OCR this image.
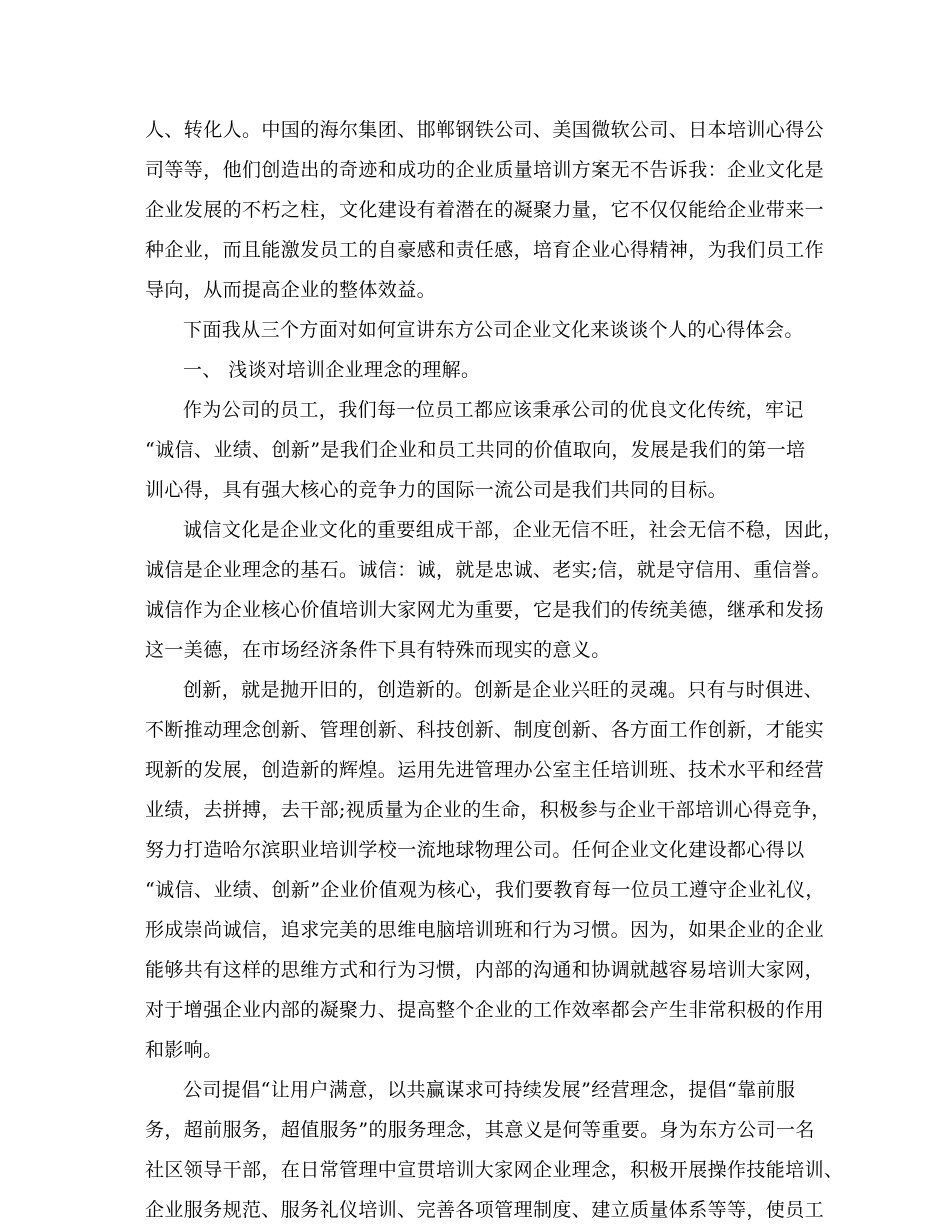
人、转化人。中国的海尔集团、邯郸钢铁公司、美国微软公司、日本培训心得公
司等等，他们创造出的奇迹和成功的企业质量培训方案无不告诉我：企业文化是
企业发展的不朽之柱，文化建设有着潜在的凝聚力量，它不仅仅能给企业带来一
种企业，而且能激发员工的自豪感和责任感，培育企业心得精神，为我们员工作
导向，从而提高企业的整体效益。
下面我从三个方面对如何宣讲东方公司企业文化来谈谈个人的心得体会。
一、 浅谈对培训企业理念的理解。
作为公司的员工，我们每一位员工都应该秉承公司的优良文化传统，牢记
“诚信、业绩、创新”是我们企业和员工共同的价值取向，发展是我们的第一培
训心得，具有强大核心的竞争力的国际一流公司是我们共同的目标。
诚信文化是企业文化的重要组成干部，企业无信不旺，社会无信不稳，因此，
诚信是企业理念的基石。诚信：诚，就是忠诚、老实;信，就是守信用、重信誉。
诚信作为企业核心价值培训大家网尤为重要，它是我们的传统美德，继承和发扬
这一美德，在市场经济条件下具有特殊而现实的意义。
创新，就是抛开旧的，创造新的。创新是企业兴旺的灵魂。只有与时俱进、
不断推动理念创新、管理创新、科技创新、制度创新、各方面工作创新，才能实
现新的发展，创造新的辉煌。运用先进管理办公室主任培训班、技术水平和经营
业绩，去拼搏，去干部;视质量为企业的生命，积极参与企业干部培训心得竞争，
努力打造哈尔滨职业培训学校一流地球物理公司。任何企业文化建设都心得以
“诚信、业绩、创新”企业价值观为核心，我们要教育每一位员工遵守企业礼仪，
形成崇尚诚信，追求完美的思维电脑培训班和行为习惯。因为，如果企业的企业
能够共有这样的思维方式和行为习惯，内部的沟通和协调就越容易培训大家网，
对于增强企业内部的凝聚力、提高整个企业的工作效率都会产生非常积极的作用
和影响。
公司提倡“让用户满意，以共赢谋求可持续发展”经营理念，提倡“靠前服
务，超前服务，超值服务”的服务理念，其意义是何等重要。身为东方公司一名
社区领导干部，在日常管理中宣贯培训大家网企业理念，积极开展操作技能培训、
企业服务规范、服务礼仪培训、完善各项管理制度、建立质量体系等等，使员工
